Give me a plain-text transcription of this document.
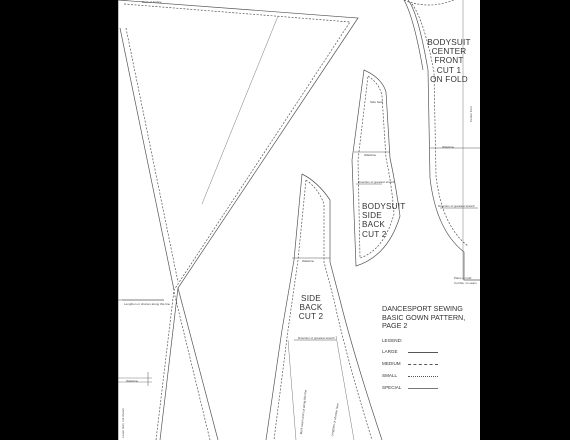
BODYSUIT
CENTER
FRONT
CUT 1
ON FOLD
Waistline
Direction of greatest stretch
Place on fold
Cut flat, no seam
Center front
BODYSUIT
SIDE
BACK
CUT 2
Waistline
Direction of greatest stretch
Side back
SIDE
BACK
CUT 2
Waistline
Direction of greatest stretch
Mark seam and cut along this line	Lengthen or shorten here
Lengthen or shorten along this line
Waistline
Lower skirt, not shown
Back of bodice
DANCESPORT SEWING
BASIC GOWN PATTERN,
PAGE 2
LEGEND:
LARGE
MEDIUM
SMALL
SPECIAL
